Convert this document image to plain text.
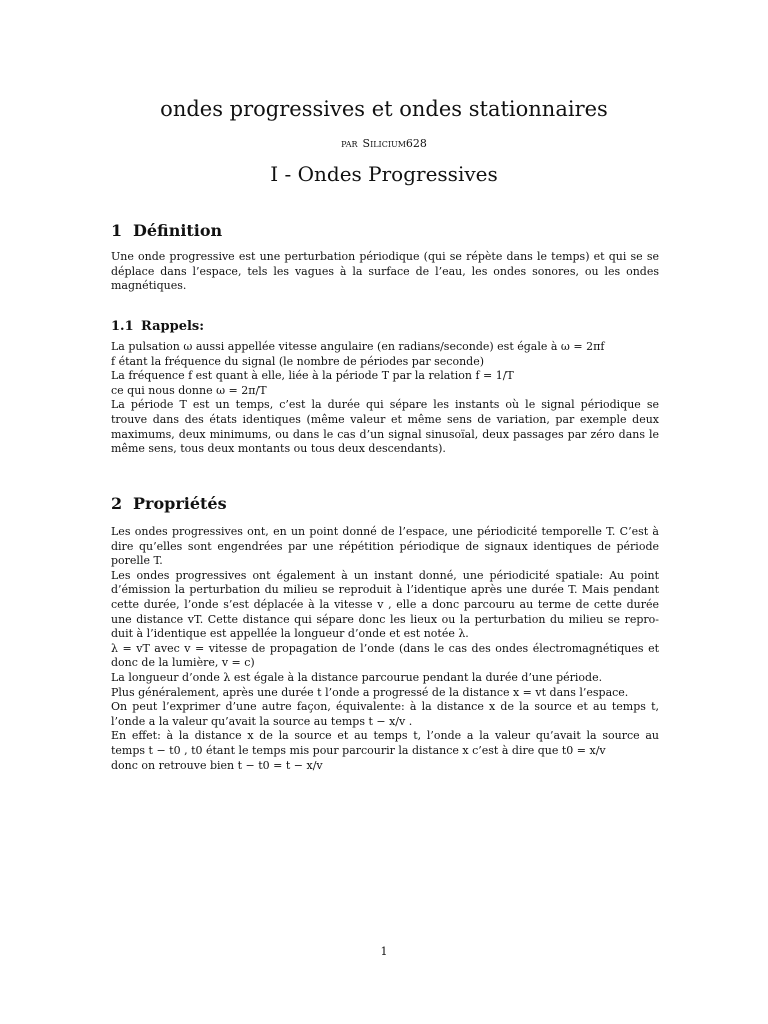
ondes progressives et ondes stationnaires
par Silicium628
I - Ondes Progressives
1 Définition
Une onde progressive est une perturbation périodique (qui se répète dans le temps) et qui se se
déplace dans l’espace, tels les vagues à la surface de l’eau, les ondes sonores, ou les ondes
magnétiques.
1.1 Rappels:
La pulsation ω aussi appellée vitesse angulaire (en radians/seconde) est égale à ω = 2πf
f étant la fréquence du signal (le nombre de périodes par seconde)
La fréquence f est quant à elle, liée à la période T par la relation f = 1/T
ce qui nous donne ω = 2π/T
La période T est un temps, c’est la durée qui sépare les instants où le signal périodique se
trouve dans des états identiques (même valeur et même sens de variation, par exemple deux
maximums, deux minimums, ou dans le cas d’un signal sinusoïal, deux passages par zéro dans le
même sens, tous deux montants ou tous deux descendants).
2 Propriétés
Les ondes progressives ont, en un point donné de l’espace, une périodicité temporelle T. C’est à
dire qu’elles sont engendrées par une répétition périodique de signaux identiques de période
porelle T.
Les ondes progressives ont également à un instant donné, une périodicité spatiale: Au point
d’émission la perturbation du milieu se reproduit à l’identique après une durée T. Mais pendant
cette durée, l’onde s’est déplacée à la vitesse v , elle a donc parcouru au terme de cette durée
une distance vT. Cette distance qui sépare donc les lieux ou la perturbation du milieu se repro-
duit à l’identique est appellée la longueur d’onde et est notée λ.
λ = vT avec v = vitesse de propagation de l’onde (dans le cas des ondes électromagnétiques et
donc de la lumière, v = c)
La longueur d’onde λ est égale à la distance parcourue pendant la durée d’une période.
Plus généralement, après une durée t l’onde a progressé de la distance x = vt dans l’espace.
On peut l’exprimer d’une autre façon, équivalente: à la distance x de la source et au temps t,
l’onde a la valeur qu’avait la source au temps t − x/v .
En effet: à la distance x de la source et au temps t, l’onde a la valeur qu’avait la source au
temps t − t0 , t0 étant le temps mis pour parcourir la distance x c’est à dire que t0 = x/v
donc on retrouve bien t − t0 = t − x/v
1
